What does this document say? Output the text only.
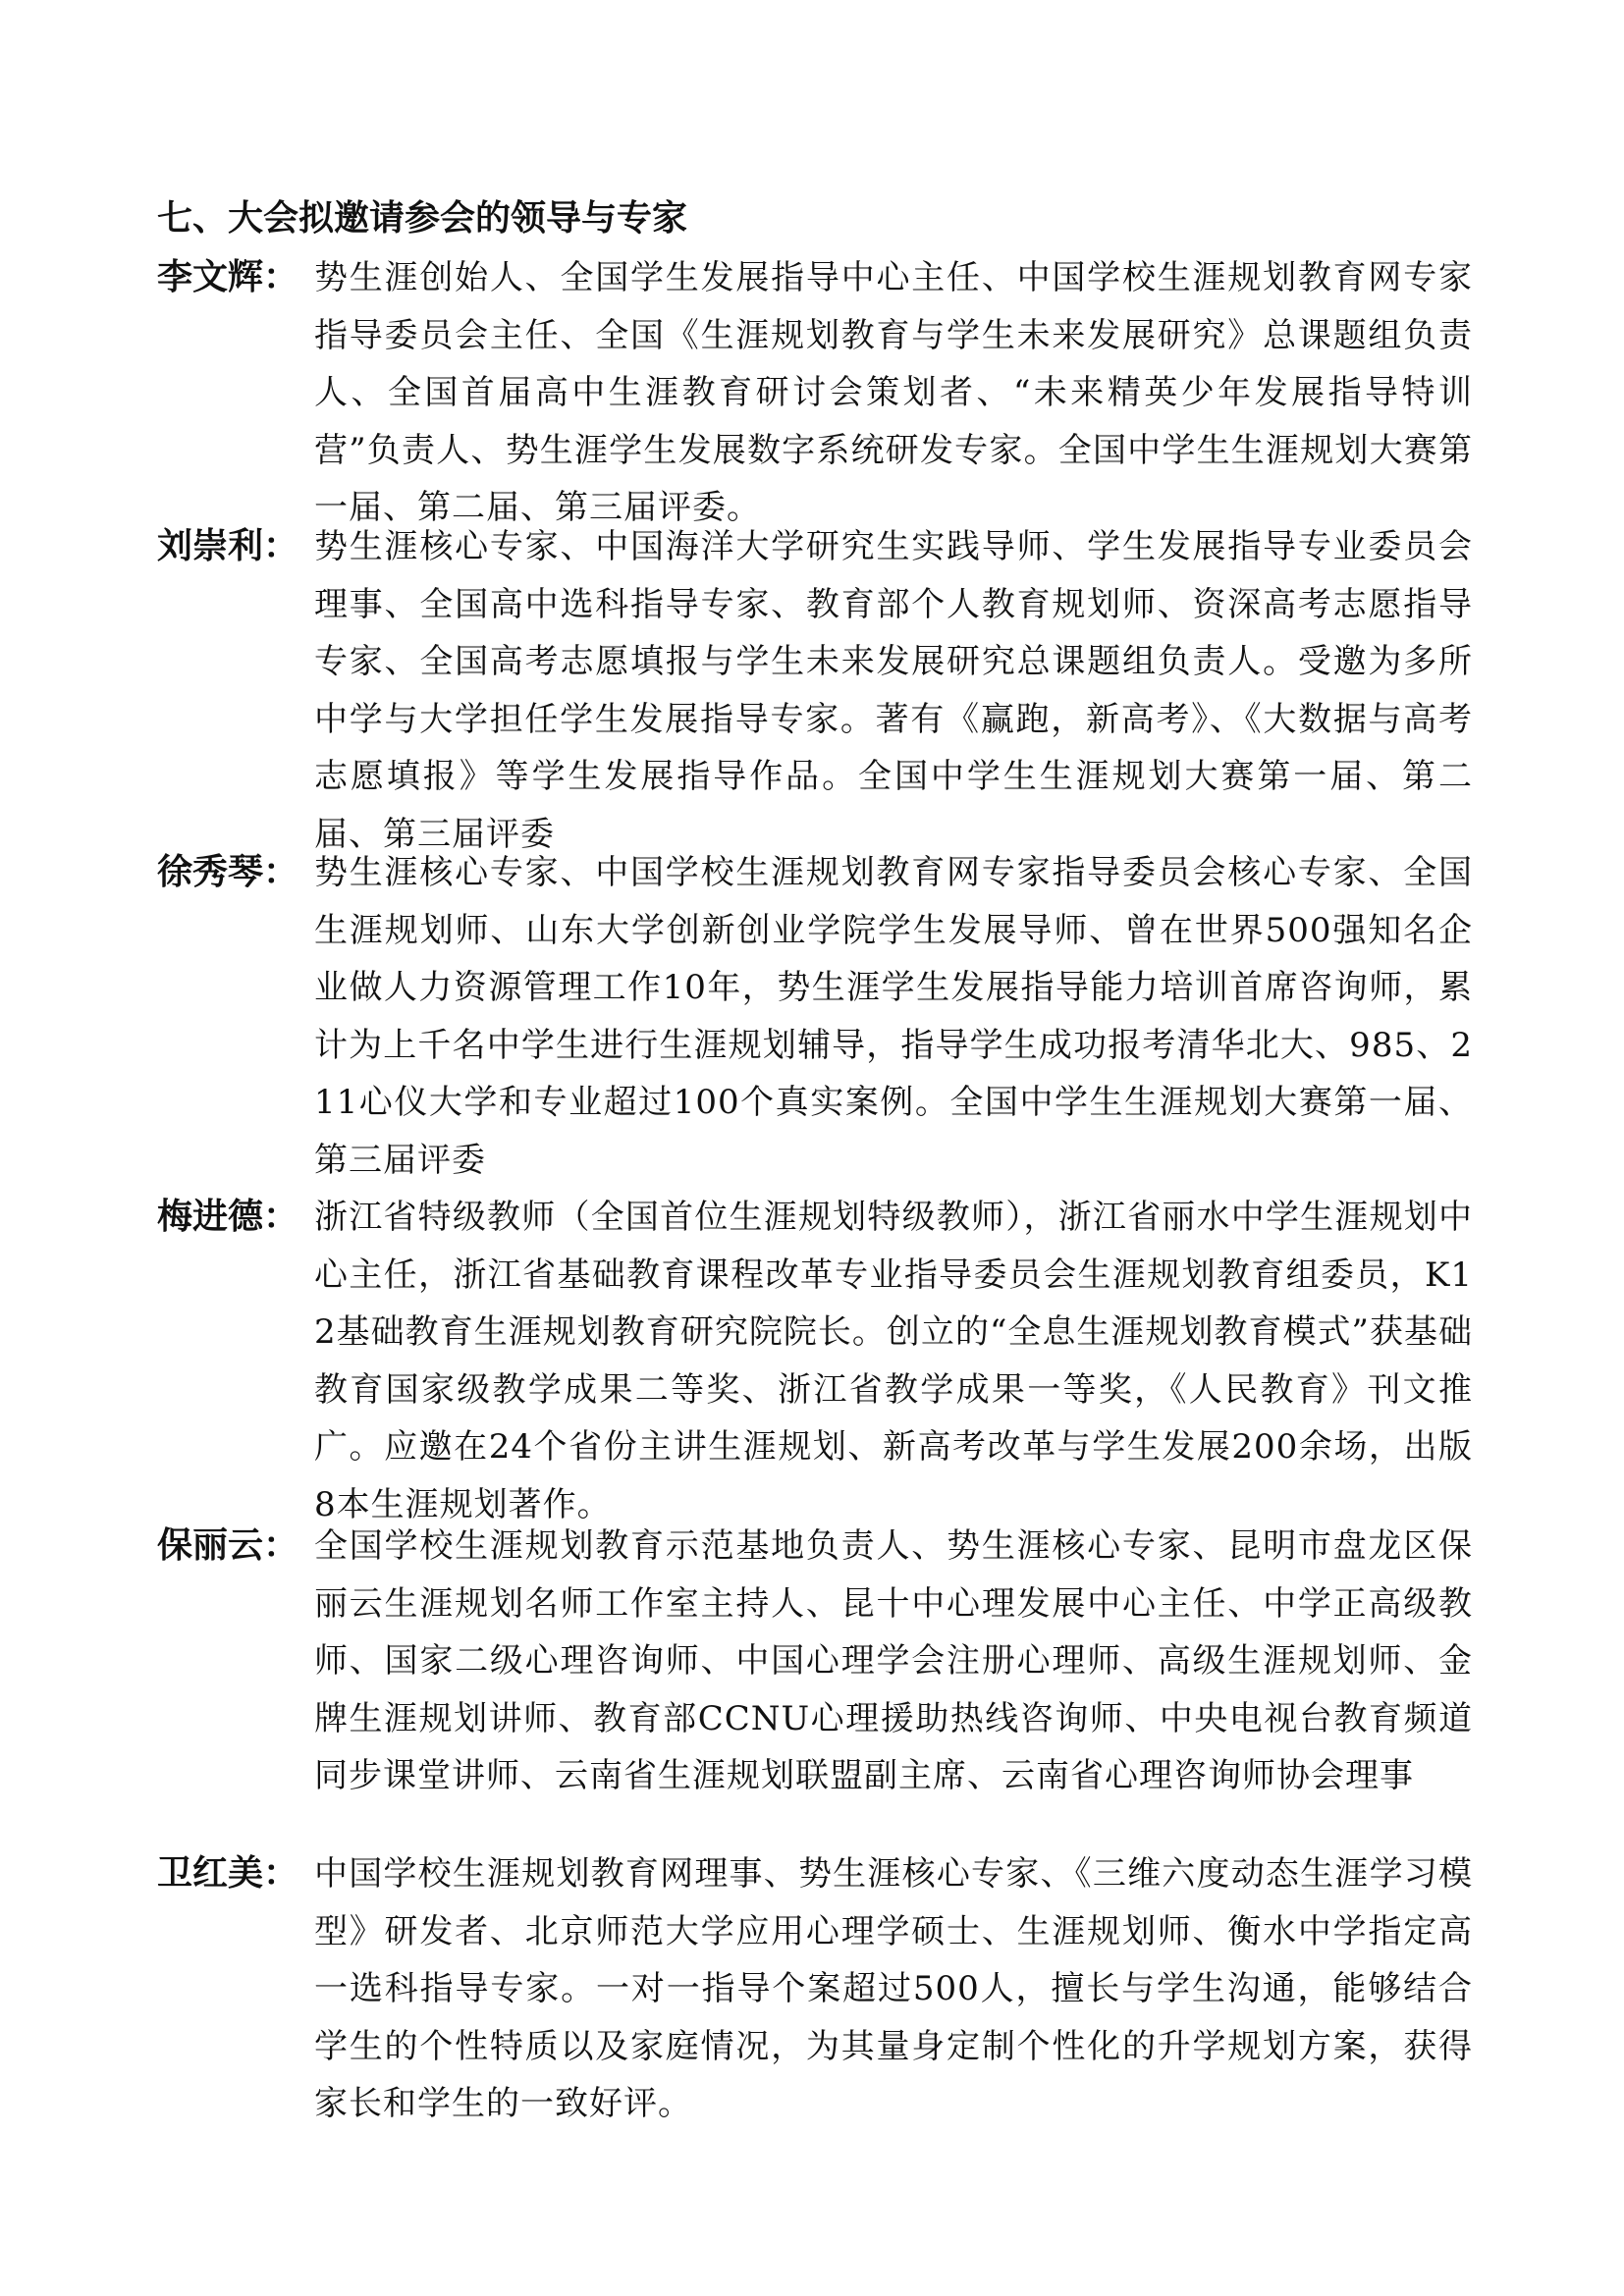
七、大会拟邀请参会的领导与专家
李文辉： 势生涯创始人、全国学生发展指导中心主任、中国学校生涯规划教育网专家指导委员会主任、全国《生涯规划教育与学生未来发展研究》总课题组负责人、全国首届高中生涯教育研讨会策划者、“未来精英少年发展指导特训营”负责人、势生涯学生发展数字系统研发专家。全国中学生生涯规划大赛第一届、第二届、第三届评委。

刘崇利： 势生涯核心专家、中国海洋大学研究生实践导师、学生发展指导专业委员会理事、全国高中选科指导专家、教育部个人教育规划师、资深高考志愿指导专家、全国高考志愿填报与学生未来发展研究总课题组负责人。受邀为多所中学与大学担任学生发展指导专家。著有《赢跑，新高考》、《大数据与高考志愿填报》等学生发展指导作品。全国中学生生涯规划大赛第一届、第二届、第三届评委

徐秀琴： 势生涯核心专家、中国学校生涯规划教育网专家指导委员会核心专家、全国生涯规划师、山东大学创新创业学院学生发展导师、曾在世界500强知名企业做人力资源管理工作10年，势生涯学生发展指导能力培训首席咨询师，累计为上千名中学生进行生涯规划辅导，指导学生成功报考清华北大、985、211心仪大学和专业超过100个真实案例。全国中学生生涯规划大赛第一届、第三届评委

梅进德： 浙江省特级教师（全国首位生涯规划特级教师），浙江省丽水中学生涯规划中心主任，浙江省基础教育课程改革专业指导委员会生涯规划教育组委员，K12基础教育生涯规划教育研究院院长。创立的“全息生涯规划教育模式”获基础教育国家级教学成果二等奖、浙江省教学成果一等奖，《人民教育》刊文推广。应邀在24个省份主讲生涯规划、新高考改革与学生发展200余场，出版8本生涯规划著作。

保丽云： 全国学校生涯规划教育示范基地负责人、势生涯核心专家、昆明市盘龙区保丽云生涯规划名师工作室主持人、昆十中心理发展中心主任、中学正高级教师、国家二级心理咨询师、中国心理学会注册心理师、高级生涯规划师、金牌生涯规划讲师、教育部CCNU心理援助热线咨询师、中央电视台教育频道同步课堂讲师、云南省生涯规划联盟副主席、云南省心理咨询师协会理事

卫红美： 中国学校生涯规划教育网理事、势生涯核心专家、《三维六度动态生涯学习模型》研发者、北京师范大学应用心理学硕士、生涯规划师、衡水中学指定高一选科指导专家。一对一指导个案超过500人，擅长与学生沟通，能够结合学生的个性特质以及家庭情况，为其量身定制个性化的升学规划方案，获得家长和学生的一致好评。
